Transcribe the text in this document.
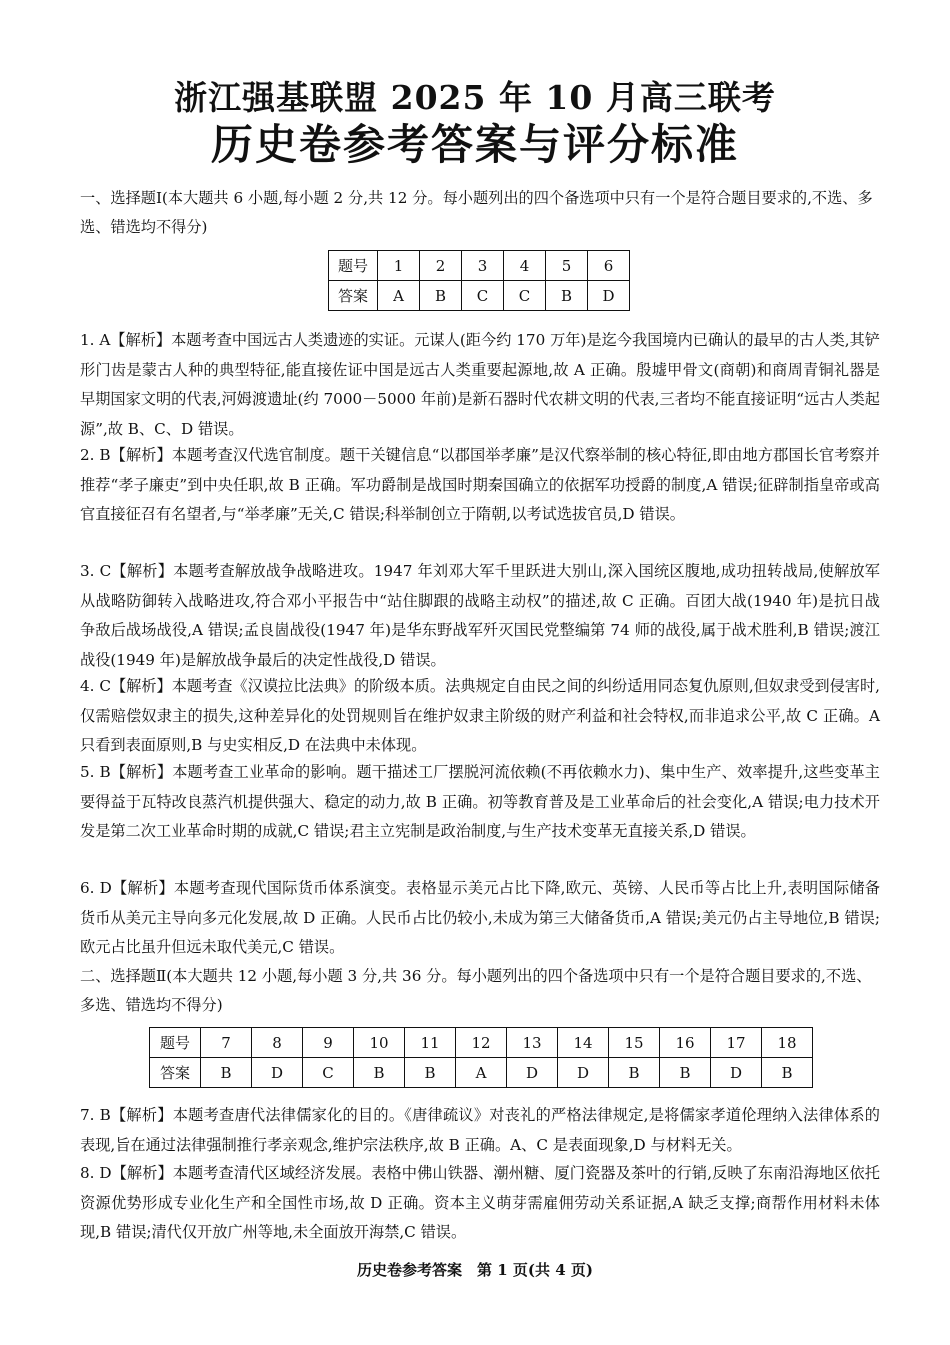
浙江强基联盟 2025 年 10 月高三联考
历史卷参考答案与评分标准
一、选择题Ⅰ(本大题共 6 小题,每小题 2 分,共 12 分。每小题列出的四个备选项中只有一个是符合题目要求的,不选、多选、错选均不得分)
题号	1	2	3	4	5	6
答案	A	B	C	C	B	D
1. A【解析】本题考查中国远古人类遗迹的实证。元谋人(距今约 170 万年)是迄今我国境内已确认的最早的古人类,其铲形门齿是蒙古人种的典型特征,能直接佐证中国是远古人类重要起源地,故 A 正确。殷墟甲骨文(商朝)和商周青铜礼器是早期国家文明的代表,河姆渡遗址(约 7000－5000 年前)是新石器时代农耕文明的代表,三者均不能直接证明“远古人类起源”,故 B、C、D 错误。
2. B【解析】本题考查汉代选官制度。题干关键信息“以郡国举孝廉”是汉代察举制的核心特征,即由地方郡国长官考察并推荐“孝子廉吏”到中央任职,故 B 正确。军功爵制是战国时期秦国确立的依据军功授爵的制度,A 错误;征辟制指皇帝或高官直接征召有名望者,与“举孝廉”无关,C 错误;科举制创立于隋朝,以考试选拔官员,D 错误。
3. C【解析】本题考查解放战争战略进攻。1947 年刘邓大军千里跃进大别山,深入国统区腹地,成功扭转战局,使解放军从战略防御转入战略进攻,符合邓小平报告中“站住脚跟的战略主动权”的描述,故 C 正确。百团大战(1940 年)是抗日战争敌后战场战役,A 错误;孟良崮战役(1947 年)是华东野战军歼灭国民党整编第 74 师的战役,属于战术胜利,B 错误;渡江战役(1949 年)是解放战争最后的决定性战役,D 错误。
4. C【解析】本题考查《汉谟拉比法典》的阶级本质。法典规定自由民之间的纠纷适用同态复仇原则,但奴隶受到侵害时,仅需赔偿奴隶主的损失,这种差异化的处罚规则旨在维护奴隶主阶级的财产利益和社会特权,而非追求公平,故 C 正确。A 只看到表面原则,B 与史实相反,D 在法典中未体现。
5. B【解析】本题考查工业革命的影响。题干描述工厂摆脱河流依赖(不再依赖水力)、集中生产、效率提升,这些变革主要得益于瓦特改良蒸汽机提供强大、稳定的动力,故 B 正确。初等教育普及是工业革命后的社会变化,A 错误;电力技术开发是第二次工业革命时期的成就,C 错误;君主立宪制是政治制度,与生产技术变革无直接关系,D 错误。
6. D【解析】本题考查现代国际货币体系演变。表格显示美元占比下降,欧元、英镑、人民币等占比上升,表明国际储备货币从美元主导向多元化发展,故 D 正确。人民币占比仍较小,未成为第三大储备货币,A 错误;美元仍占主导地位,B 错误;欧元占比虽升但远未取代美元,C 错误。
二、选择题Ⅱ(本大题共 12 小题,每小题 3 分,共 36 分。每小题列出的四个备选项中只有一个是符合题目要求的,不选、多选、错选均不得分)
题号	7	8	9	10	11	12	13	14	15	16	17	18
答案	B	D	C	B	B	A	D	D	B	B	D	B
7. B【解析】本题考查唐代法律儒家化的目的。《唐律疏议》对丧礼的严格法律规定,是将儒家孝道伦理纳入法律体系的表现,旨在通过法律强制推行孝亲观念,维护宗法秩序,故 B 正确。A、C 是表面现象,D 与材料无关。
8. D【解析】本题考查清代区域经济发展。表格中佛山铁器、潮州糖、厦门瓷器及茶叶的行销,反映了东南沿海地区依托资源优势形成专业化生产和全国性市场,故 D 正确。资本主义萌芽需雇佣劳动关系证据,A 缺乏支撑;商帮作用材料未体现,B 错误;清代仅开放广州等地,未全面放开海禁,C 错误。
历史卷参考答案　第 1 页(共 4 页)
